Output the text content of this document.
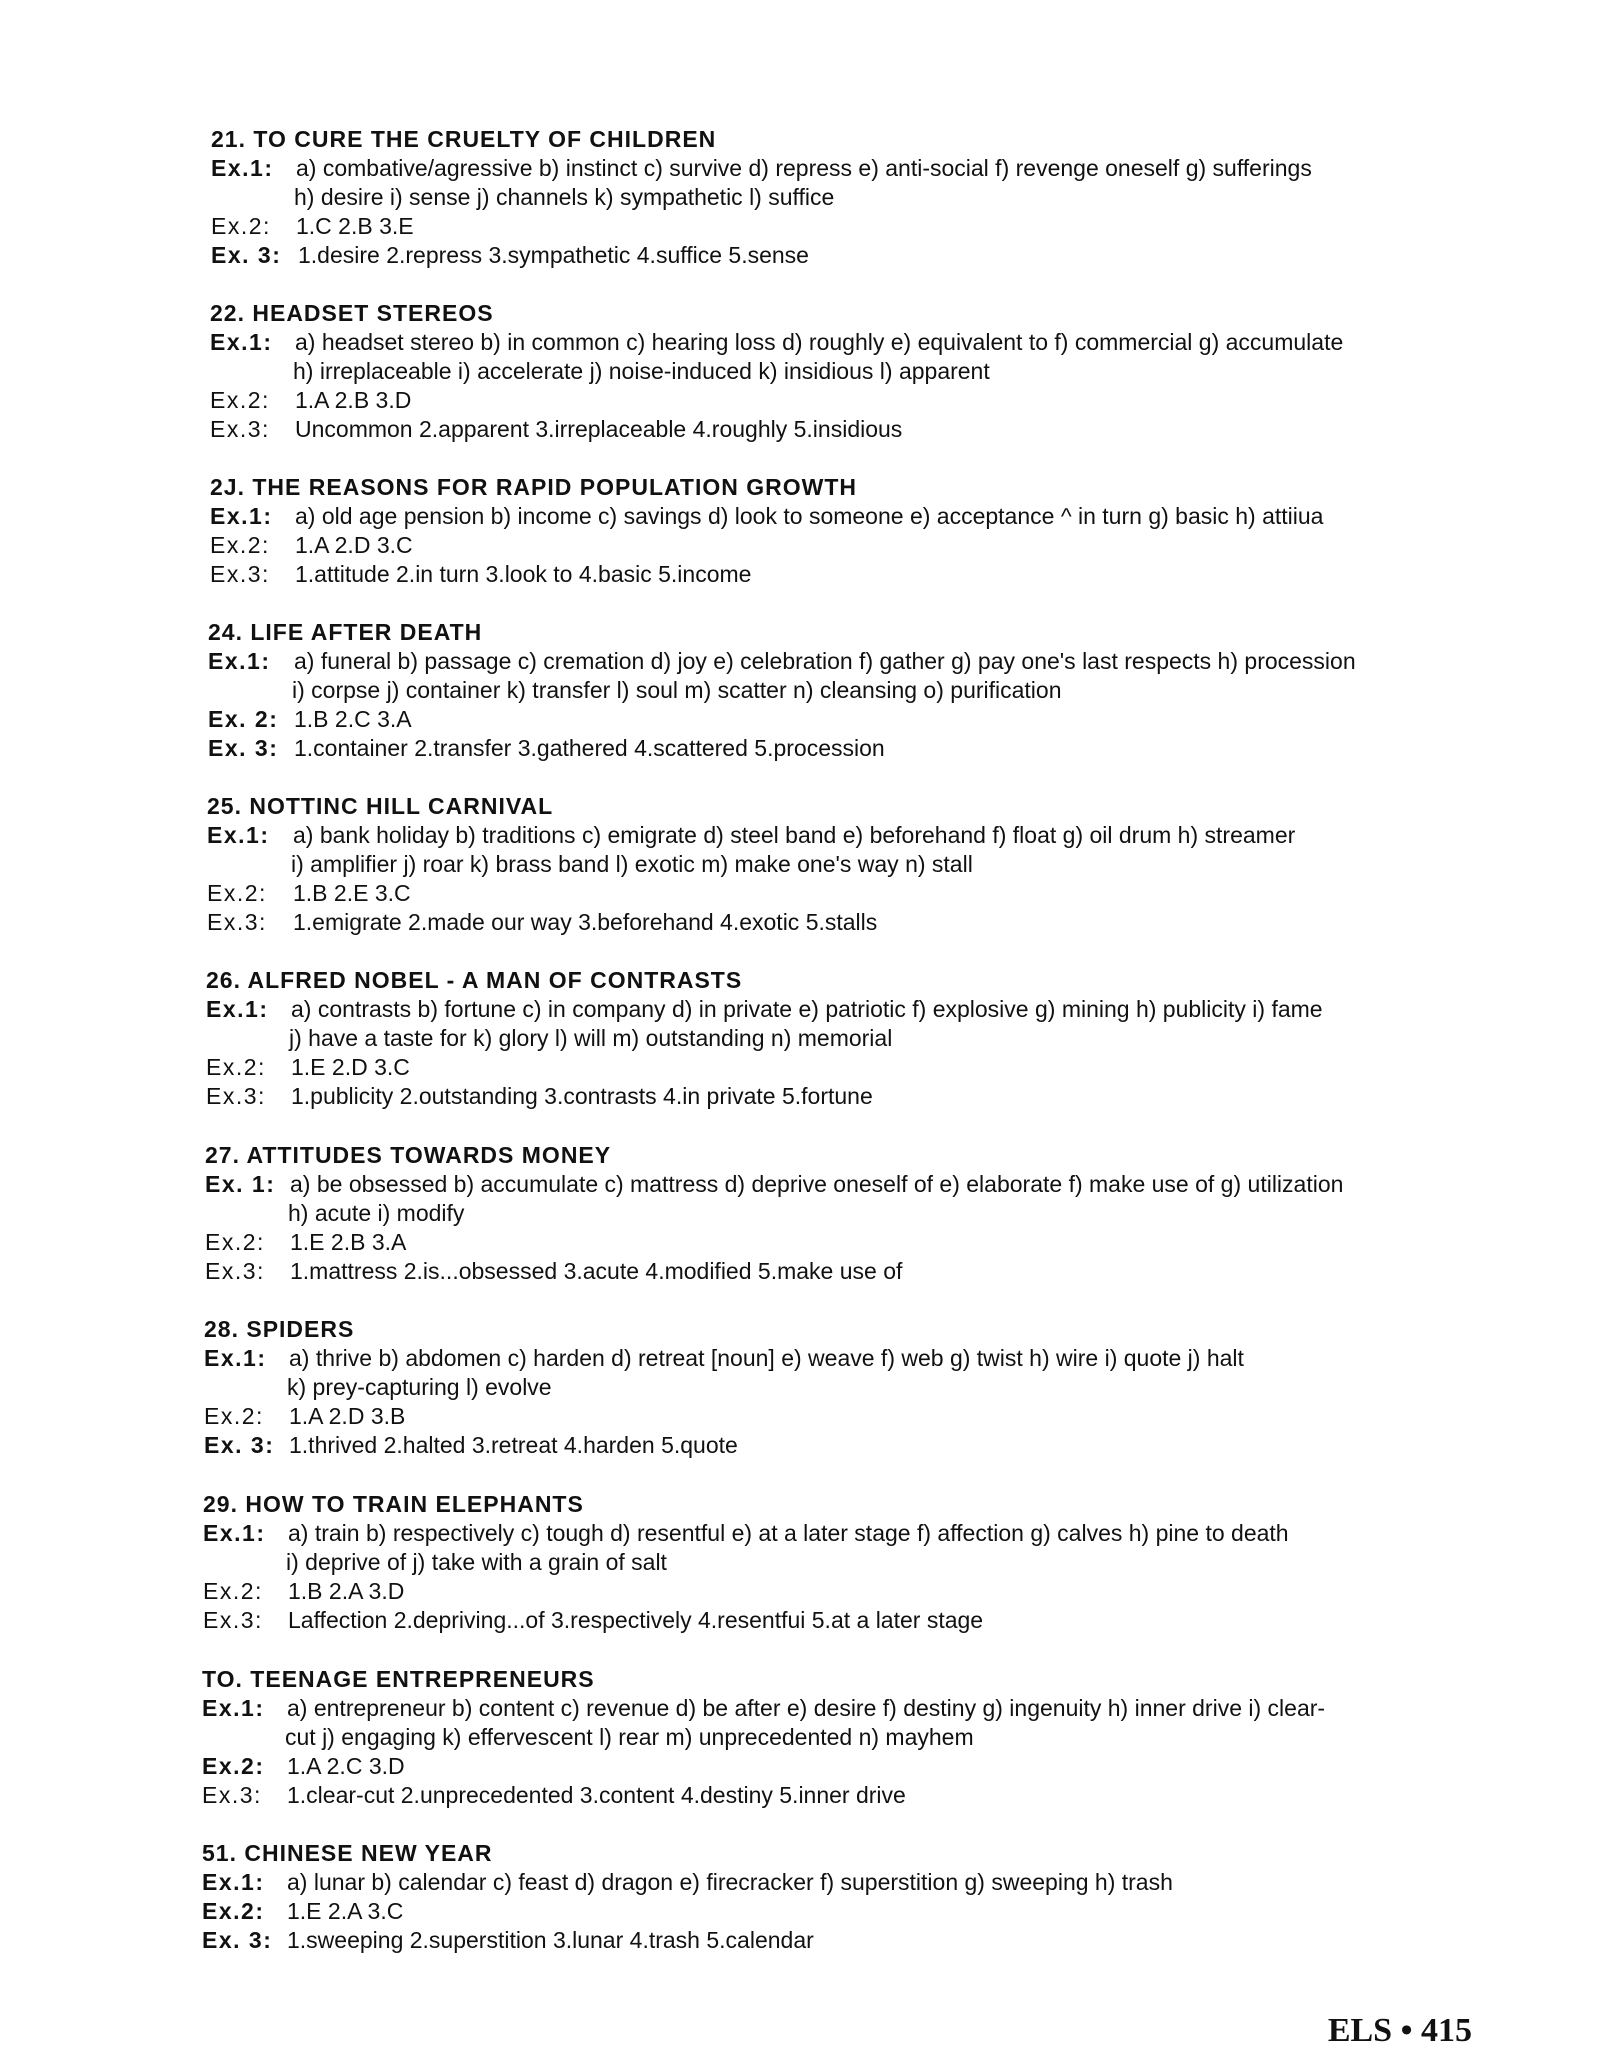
21. TO CURE THE CRUELTY OF CHILDREN
Ex.1: a) combative/agressive b) instinct c) survive d) repress e) anti-social f) revenge oneself g) sufferings
h) desire i) sense j) channels k) sympathetic l) suffice
Ex.2: 1.C 2.B 3.E
Ex. 3: 1.desire 2.repress 3.sympathetic 4.suffice 5.sense
22. HEADSET STEREOS
Ex.1: a) headset stereo b) in common c) hearing loss d) roughly e) equivalent to f) commercial g) accumulate
h) irreplaceable i) accelerate j) noise-induced k) insidious l) apparent
Ex.2: 1.A 2.B 3.D
Ex.3: Uncommon 2.apparent 3.irreplaceable 4.roughly 5.insidious
2J. THE REASONS FOR RAPID POPULATION GROWTH
Ex.1: a) old age pension b) income c) savings d) look to someone e) acceptance ^ in turn g) basic h) attiiua
Ex.2: 1.A 2.D 3.C
Ex.3: 1.attitude 2.in turn 3.look to 4.basic 5.income
24. LIFE AFTER DEATH
Ex.1: a) funeral b) passage c) cremation d) joy e) celebration f) gather g) pay one's last respects h) procession
i) corpse j) container k) transfer l) soul m) scatter n) cleansing o) purification
Ex. 2: 1.B 2.C 3.A
Ex. 3: 1.container 2.transfer 3.gathered 4.scattered 5.procession
25. NOTTINC HILL CARNIVAL
Ex.1: a) bank holiday b) traditions c) emigrate d) steel band e) beforehand f) float g) oil drum h) streamer
i) amplifier j) roar k) brass band l) exotic m) make one's way n) stall
Ex.2: 1.B 2.E 3.C
Ex.3: 1.emigrate 2.made our way 3.beforehand 4.exotic 5.stalls
26. ALFRED NOBEL - A MAN OF CONTRASTS
Ex.1: a) contrasts b) fortune c) in company d) in private e) patriotic f) explosive g) mining h) publicity i) fame
j) have a taste for k) glory l) will m) outstanding n) memorial
Ex.2: 1.E 2.D 3.C
Ex.3: 1.publicity 2.outstanding 3.contrasts 4.in private 5.fortune
27. ATTITUDES TOWARDS MONEY
Ex. 1: a) be obsessed b) accumulate c) mattress d) deprive oneself of e) elaborate f) make use of g) utilization
h) acute i) modify
Ex.2: 1.E 2.B 3.A
Ex.3: 1.mattress 2.is...obsessed 3.acute 4.modified 5.make use of
28. SPIDERS
Ex.1: a) thrive b) abdomen c) harden d) retreat [noun] e) weave f) web g) twist h) wire i) quote j) halt
k) prey-capturing l) evolve
Ex.2: 1.A 2.D 3.B
Ex. 3: 1.thrived 2.halted 3.retreat 4.harden 5.quote
29. HOW TO TRAIN ELEPHANTS
Ex.1: a) train b) respectively c) tough d) resentful e) at a later stage f) affection g) calves h) pine to death
i) deprive of j) take with a grain of salt
Ex.2: 1.B 2.A 3.D
Ex.3: Laffection 2.depriving...of 3.respectively 4.resentfui 5.at a later stage
TO. TEENAGE ENTREPRENEURS
Ex.1: a) entrepreneur b) content c) revenue d) be after e) desire f) destiny g) ingenuity h) inner drive i) clear-
cut j) engaging k) effervescent l) rear m) unprecedented n) mayhem
Ex.2: 1.A 2.C 3.D
Ex.3: 1.clear-cut 2.unprecedented 3.content 4.destiny 5.inner drive
51. CHINESE NEW YEAR
Ex.1: a) lunar b) calendar c) feast d) dragon e) firecracker f) superstition g) sweeping h) trash
Ex.2: 1.E 2.A 3.C
Ex. 3: 1.sweeping 2.superstition 3.lunar 4.trash 5.calendar
ELS • 415
